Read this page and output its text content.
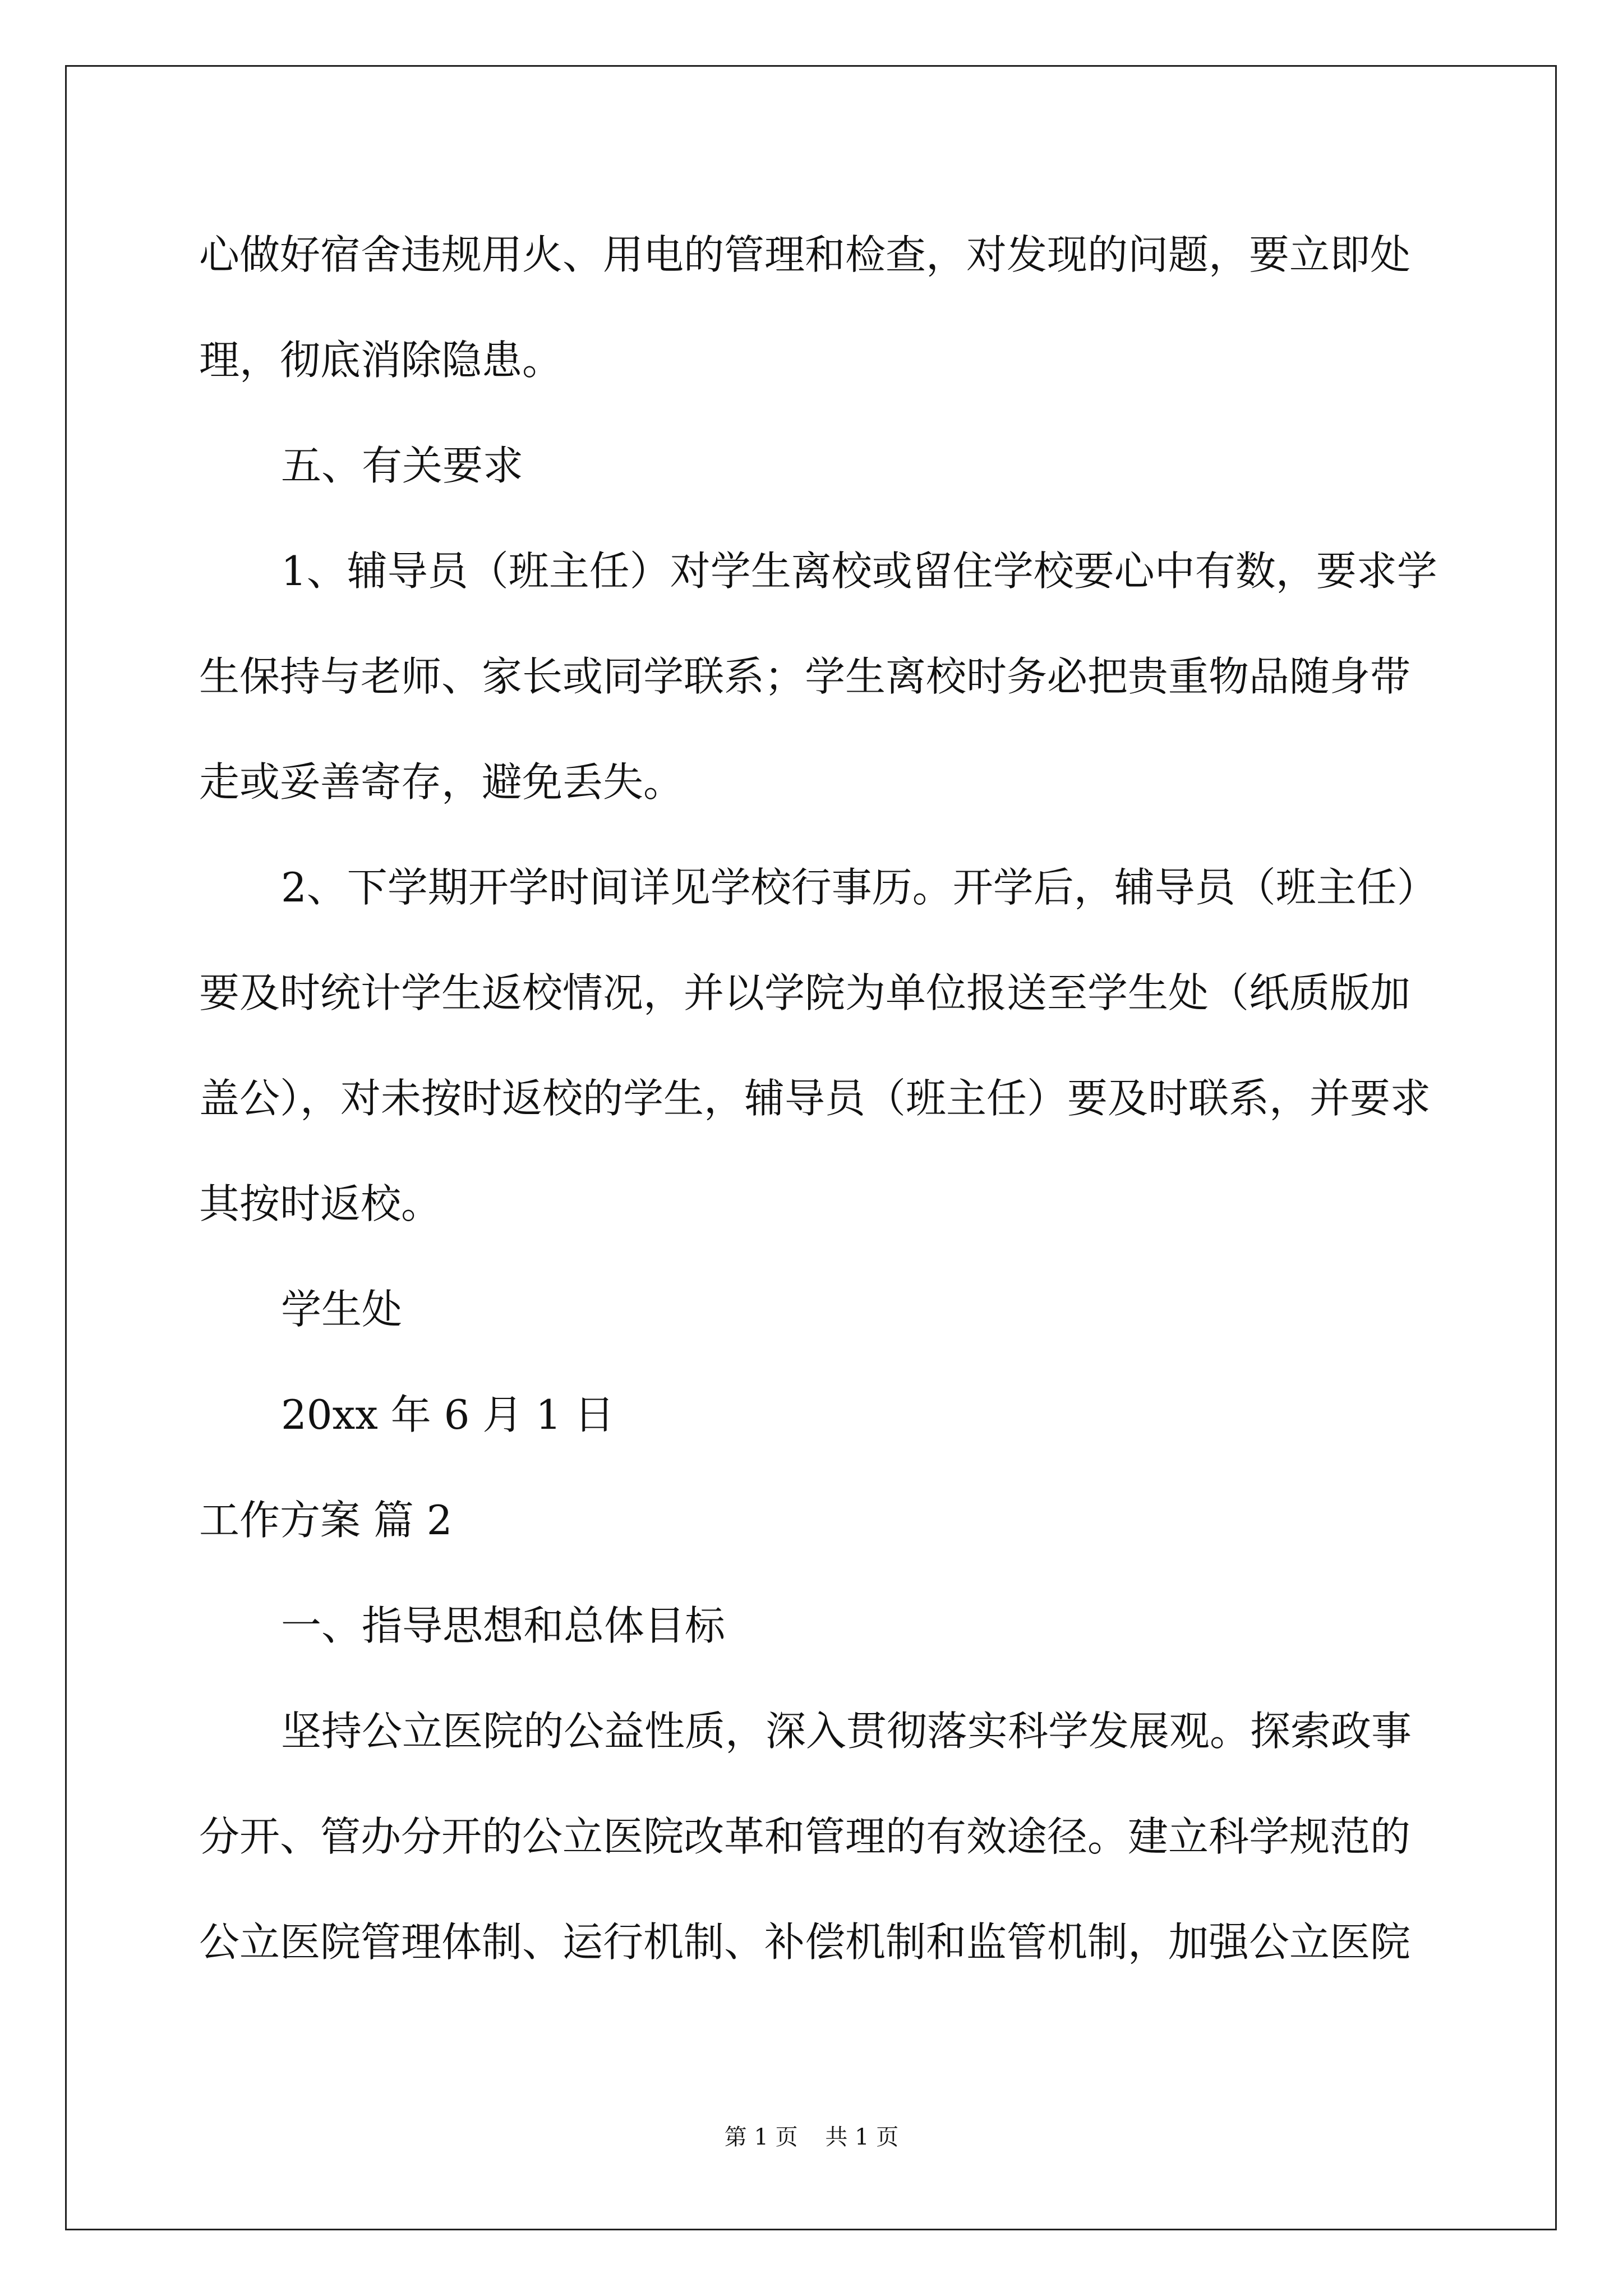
心做好宿舍违规用火、用电的管理和检查，对发现的问题，要立即处
理，彻底消除隐患。
五、有关要求
1、辅导员（班主任）对学生离校或留住学校要心中有数，要求学
生保持与老师、家长或同学联系；学生离校时务必把贵重物品随身带
走或妥善寄存，避免丢失。
2、下学期开学时间详见学校行事历。开学后，辅导员（班主任）
要及时统计学生返校情况，并以学院为单位报送至学生处（纸质版加
盖公），对未按时返校的学生，辅导员（班主任）要及时联系，并要求
其按时返校。
学生处
20xx 年 6 月 1 日
工作方案 篇 2
一、指导思想和总体目标
坚持公立医院的公益性质，深入贯彻落实科学发展观。探索政事
分开、管办分开的公立医院改革和管理的有效途径。建立科学规范的
公立医院管理体制、运行机制、补偿机制和监管机制，加强公立医院
第 1 页 共 1 页
